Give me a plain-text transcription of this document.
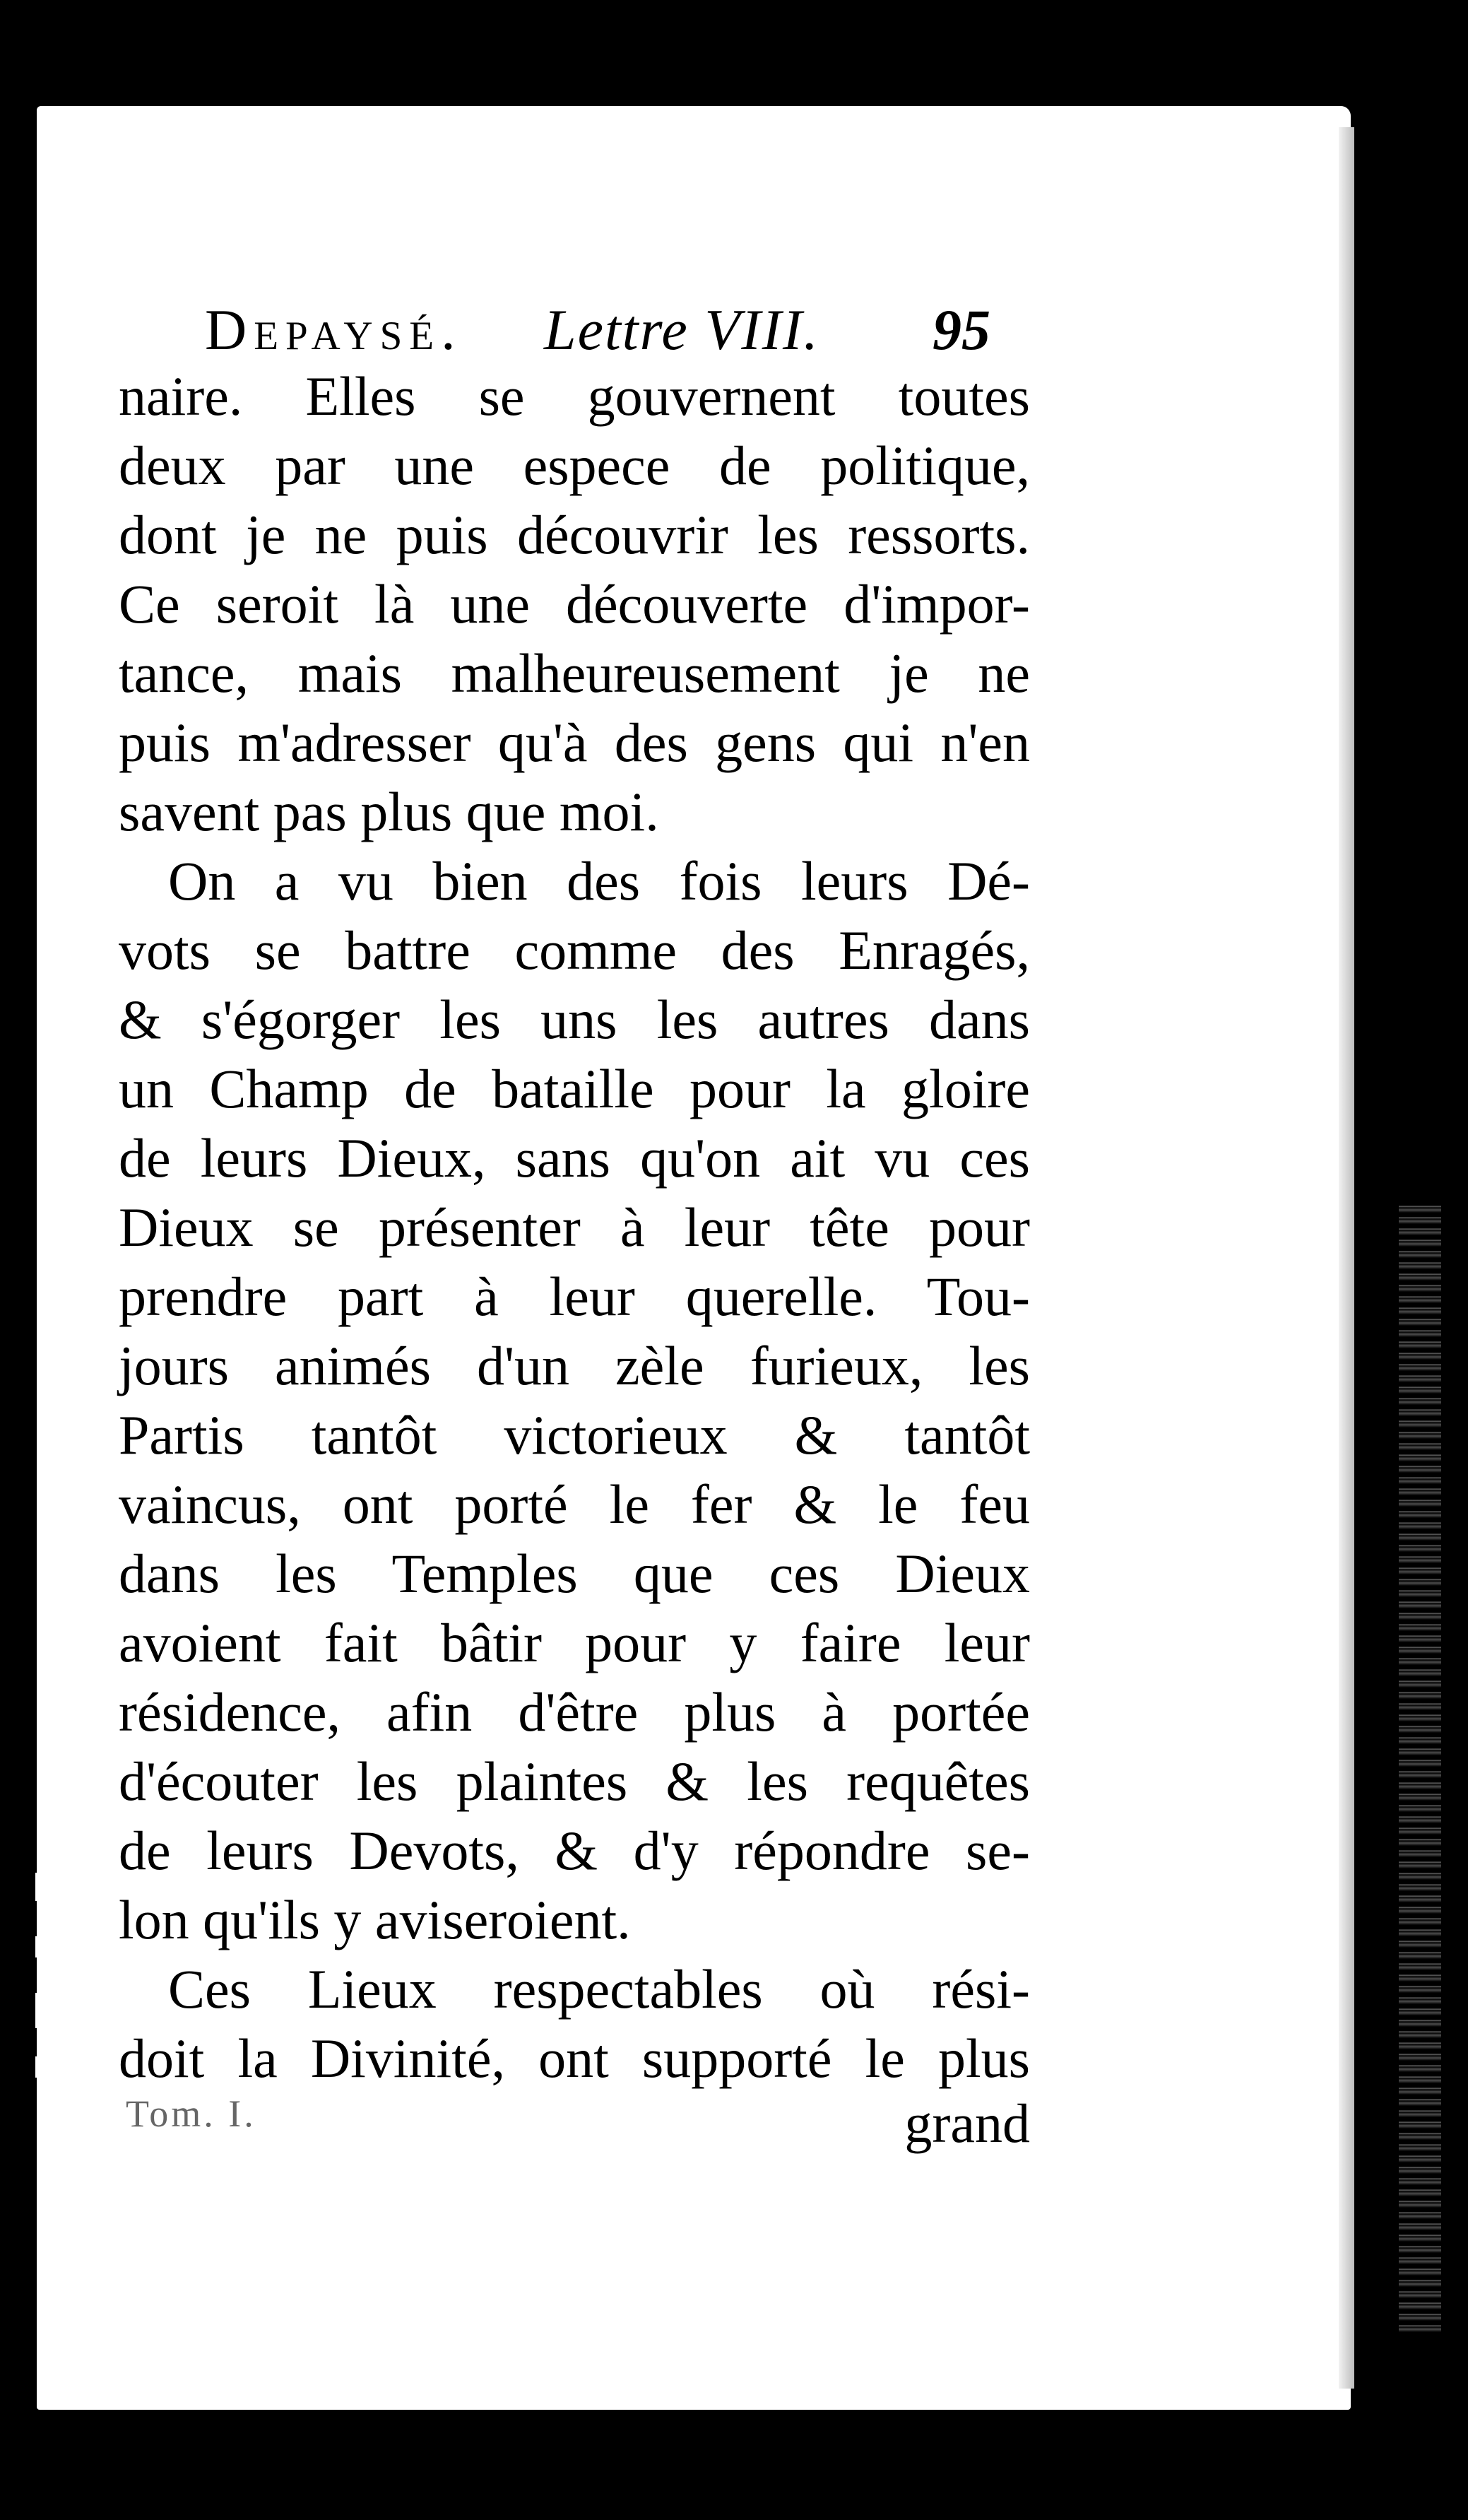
Depaysé. Lettre VIII. 95
naire. Elles se gouvernent toutes
deux par une espece de politique,
dont je ne puis découvrir les ressorts.
Ce seroit là une découverte d'impor-
tance, mais malheureusement je ne
puis m'adresser qu'à des gens qui n'en
savent pas plus que moi.
On a vu bien des fois leurs Dé-
vots se battre comme des Enragés,
& s'égorger les uns les autres dans
un Champ de bataille pour la gloire
de leurs Dieux, sans qu'on ait vu ces
Dieux se présenter à leur tête pour
prendre part à leur querelle. Tou-
jours animés d'un zèle furieux, les
Partis tantôt victorieux & tantôt
vaincus, ont porté le fer & le feu
dans les Temples que ces Dieux
avoient fait bâtir pour y faire leur
résidence, afin d'être plus à portée
d'écouter les plaintes & les requêtes
de leurs Devots, & d'y répondre se-
lon qu'ils y aviseroient.
Ces Lieux respectables où rési-
doit la Divinité, ont supporté le plus
Tom. I.	grand
